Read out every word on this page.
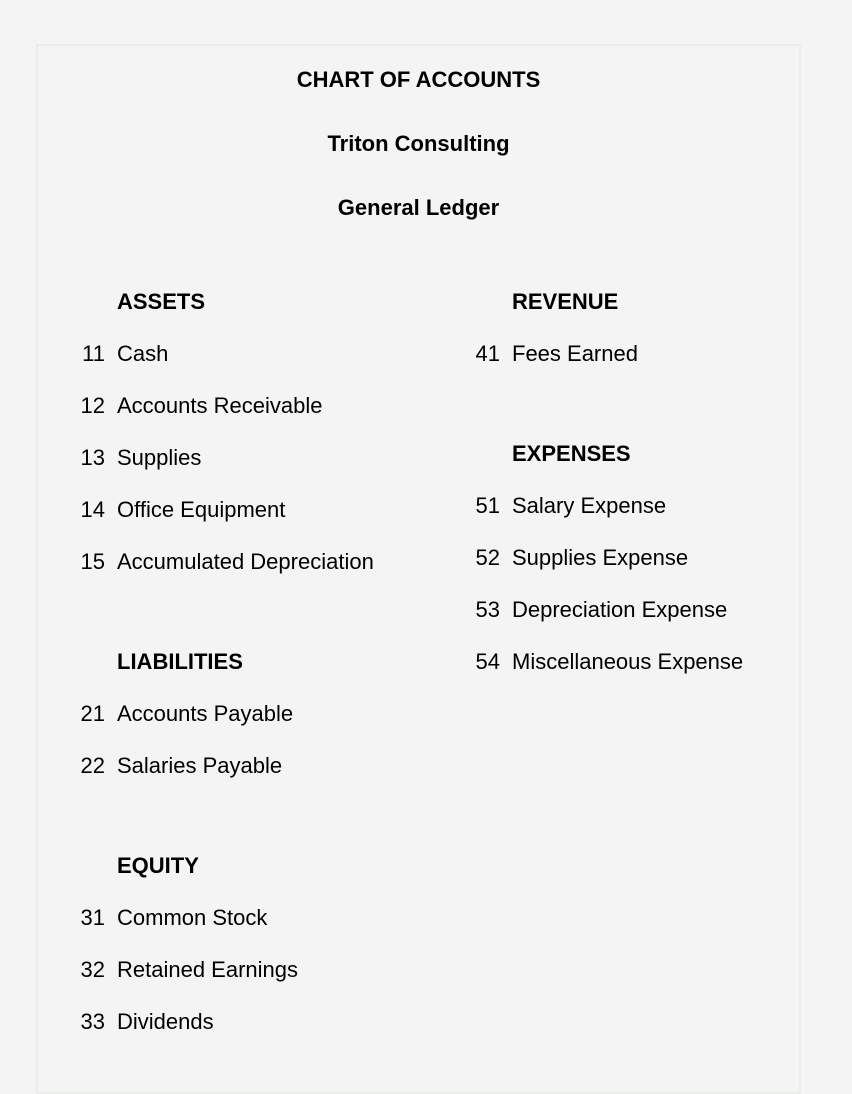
CHART OF ACCOUNTS
Triton Consulting
General Ledger
ASSETS
11 Cash
12 Accounts Receivable
13 Supplies
14 Office Equipment
15 Accumulated Depreciation
LIABILITIES
21 Accounts Payable
22 Salaries Payable
EQUITY
31 Common Stock
32 Retained Earnings
33 Dividends
REVENUE
41 Fees Earned
EXPENSES
51 Salary Expense
52 Supplies Expense
53 Depreciation Expense
54 Miscellaneous Expense
